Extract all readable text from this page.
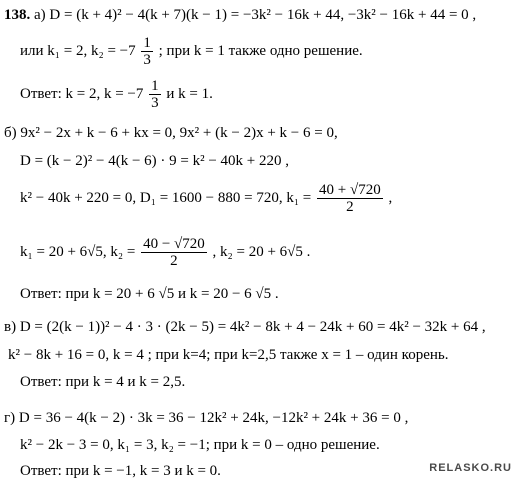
138. а) D = (k + 4)² − 4(k + 7)(k − 1) = −3k² − 16k + 44, −3k² − 16k + 44 = 0 ,
или k₁ = 2, $k_2 = -7 \frac{1}{3}$ ; при k = 1 также одно решение.
Ответ: k = 2, $k = -7 \frac{1}{3}$ и k = 1.
б) 9x² − 2x + k − 6 + kx = 0, 9x² + (k − 2)x + k − 6 = 0,
D = (k − 2)² − 4(k − 6) · 9 = k² − 40k + 220 ,
k² − 40k + 220 = 0, D₁ = 1600 − 880 = 720, $k_1 = \frac{40 + √720}{2}$ ,
k₁ = 20 + 6√5, $k_2 = \frac{40 - √720}{2}$ , k₂ = 20 + 6√5 .
Ответ: при k = 20 + 6 √5 и k = 20 − 6 √5 .
в) D = (2(k − 1))² − 4 · 3 · (2k − 5) = 4k² − 8k + 4 − 24k + 60 = 4k² − 32k + 64 ,
k² − 8k + 16 = 0, k = 4 ; при k=4; при k=2,5 также x = 1 – один корень.
Ответ: при k = 4 и k = 2,5.
г) D = 36 − 4(k − 2) · 3k = 36 − 12k² + 24k, −12k² + 24k + 36 = 0 ,
k² − 2k − 3 = 0, k₁ = 3, k₂ = −1; при k = 0 – одно решение.
Ответ: при k = −1, k = 3 и k = 0.	RELASKO.RU
